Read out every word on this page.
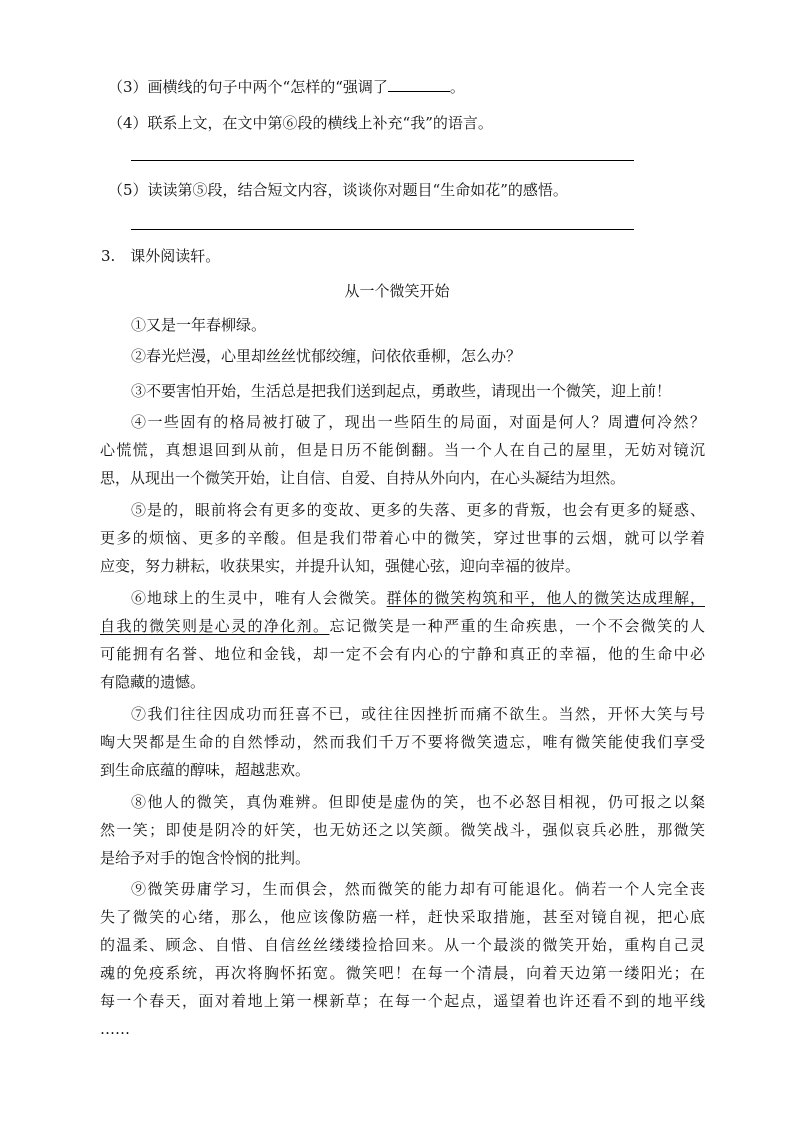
（3）画横线的句子中两个“怎样的“强调了	。
（4）联系上文，在文中第⑥段的横线上补充“我”的语言。
（5）读读第⑤段，结合短文内容，谈谈你对题目“生命如花”的感悟。
3.　课外阅读轩。
从一个微笑开始
①又是一年春柳绿。
②春光烂漫，心里却丝丝忧郁绞缠，问依依垂柳，怎么办？
③不要害怕开始，生活总是把我们送到起点，勇敢些，请现出一个微笑，迎上前！
④一些固有的格局被打破了，现出一些陌生的局面，对面是何人？周遭何冷然？
心慌慌，真想退回到从前，但是日历不能倒翻。当一个人在自己的屋里，无妨对镜沉
思，从现出一个微笑开始，让自信、自爱、自持从外向内，在心头凝结为坦然。
⑤是的，眼前将会有更多的变故、更多的失落、更多的背叛，也会有更多的疑惑、
更多的烦恼、更多的辛酸。但是我们带着心中的微笑，穿过世事的云烟，就可以学着
应变，努力耕耘，收获果实，并提升认知，强健心弦，迎向幸福的彼岸。
⑥地球上的生灵中，唯有人会微笑。群体的微笑构筑和平，他人的微笑达成理解，
自我的微笑则是心灵的净化剂。忘记微笑是一种严重的生命疾患，一个不会微笑的人
可能拥有名誉、地位和金钱，却一定不会有内心的宁静和真正的幸福，他的生命中必
有隐藏的遗憾。
⑦我们往往因成功而狂喜不已，或往往因挫折而痛不欲生。当然，开怀大笑与号
啕大哭都是生命的自然悸动，然而我们千万不要将微笑遗忘，唯有微笑能使我们享受
到生命底蕴的醇味，超越悲欢。
⑧他人的微笑，真伪难辨。但即使是虚伪的笑，也不必怒目相视，仍可报之以粲
然一笑；即使是阴冷的奸笑，也无妨还之以笑颜。微笑战斗，强似哀兵必胜，那微笑
是给予对手的饱含怜悯的批判。
⑨微笑毋庸学习，生而俱会，然而微笑的能力却有可能退化。倘若一个人完全丧
失了微笑的心绪，那么，他应该像防癌一样，赶快采取措施，甚至对镜自视，把心底
的温柔、顾念、自惜、自信丝丝缕缕捡拾回来。从一个最淡的微笑开始，重构自己灵
魂的免疫系统，再次将胸怀拓宽。微笑吧！在每一个清晨，向着天边第一缕阳光；在
每一个春天，面对着地上第一棵新草；在每一个起点，遥望着也许还看不到的地平线
……
